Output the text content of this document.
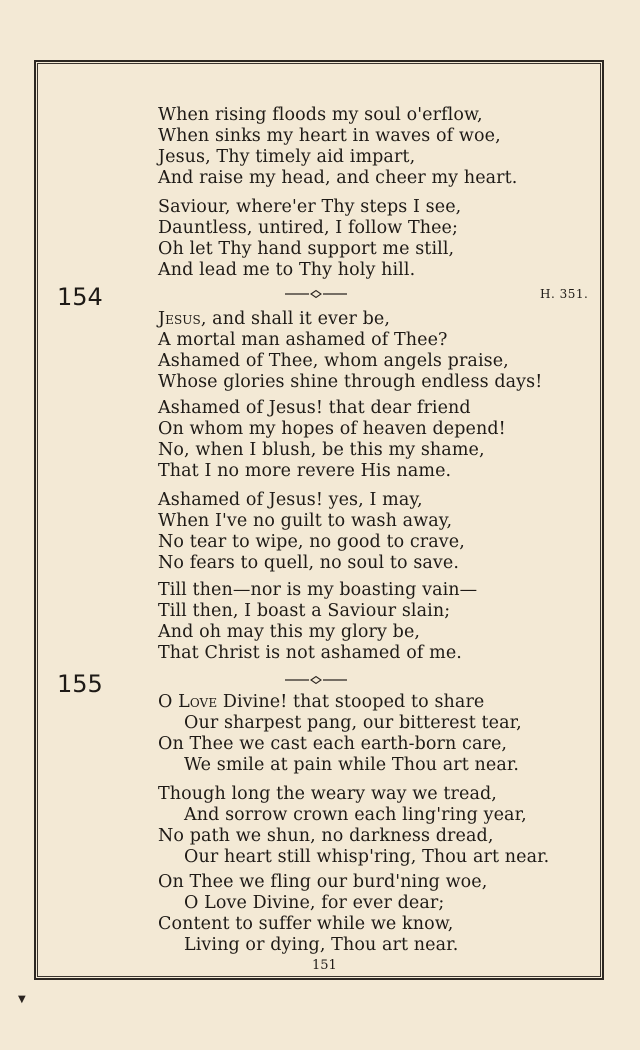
When rising floods my soul o'erflow,
When sinks my heart in waves of woe,
Jesus, Thy timely aid impart,
And raise my head, and cheer my heart.
Saviour, where'er Thy steps I see,
Dauntless, untired, I follow Thee;
Oh let Thy hand support me still,
And lead me to Thy holy hill.
154	H. 351.
Jesus, and shall it ever be,
A mortal man ashamed of Thee?
Ashamed of Thee, whom angels praise,
Whose glories shine through endless days!
Ashamed of Jesus! that dear friend
On whom my hopes of heaven depend!
No, when I blush, be this my shame,
That I no more revere His name.
Ashamed of Jesus! yes, I may,
When I've no guilt to wash away,
No tear to wipe, no good to crave,
No fears to quell, no soul to save.
Till then—nor is my boasting vain—
Till then, I boast a Saviour slain;
And oh may this my glory be,
That Christ is not ashamed of me.
155
O Love Divine! that stooped to share
Our sharpest pang, our bitterest tear,
On Thee we cast each earth-born care,
We smile at pain while Thou art near.
Though long the weary way we tread,
And sorrow crown each ling'ring year,
No path we shun, no darkness dread,
Our heart still whisp'ring, Thou art near.
On Thee we fling our burd'ning woe,
O Love Divine, for ever dear;
Content to suffer while we know,
Living or dying, Thou art near.
151
▼
